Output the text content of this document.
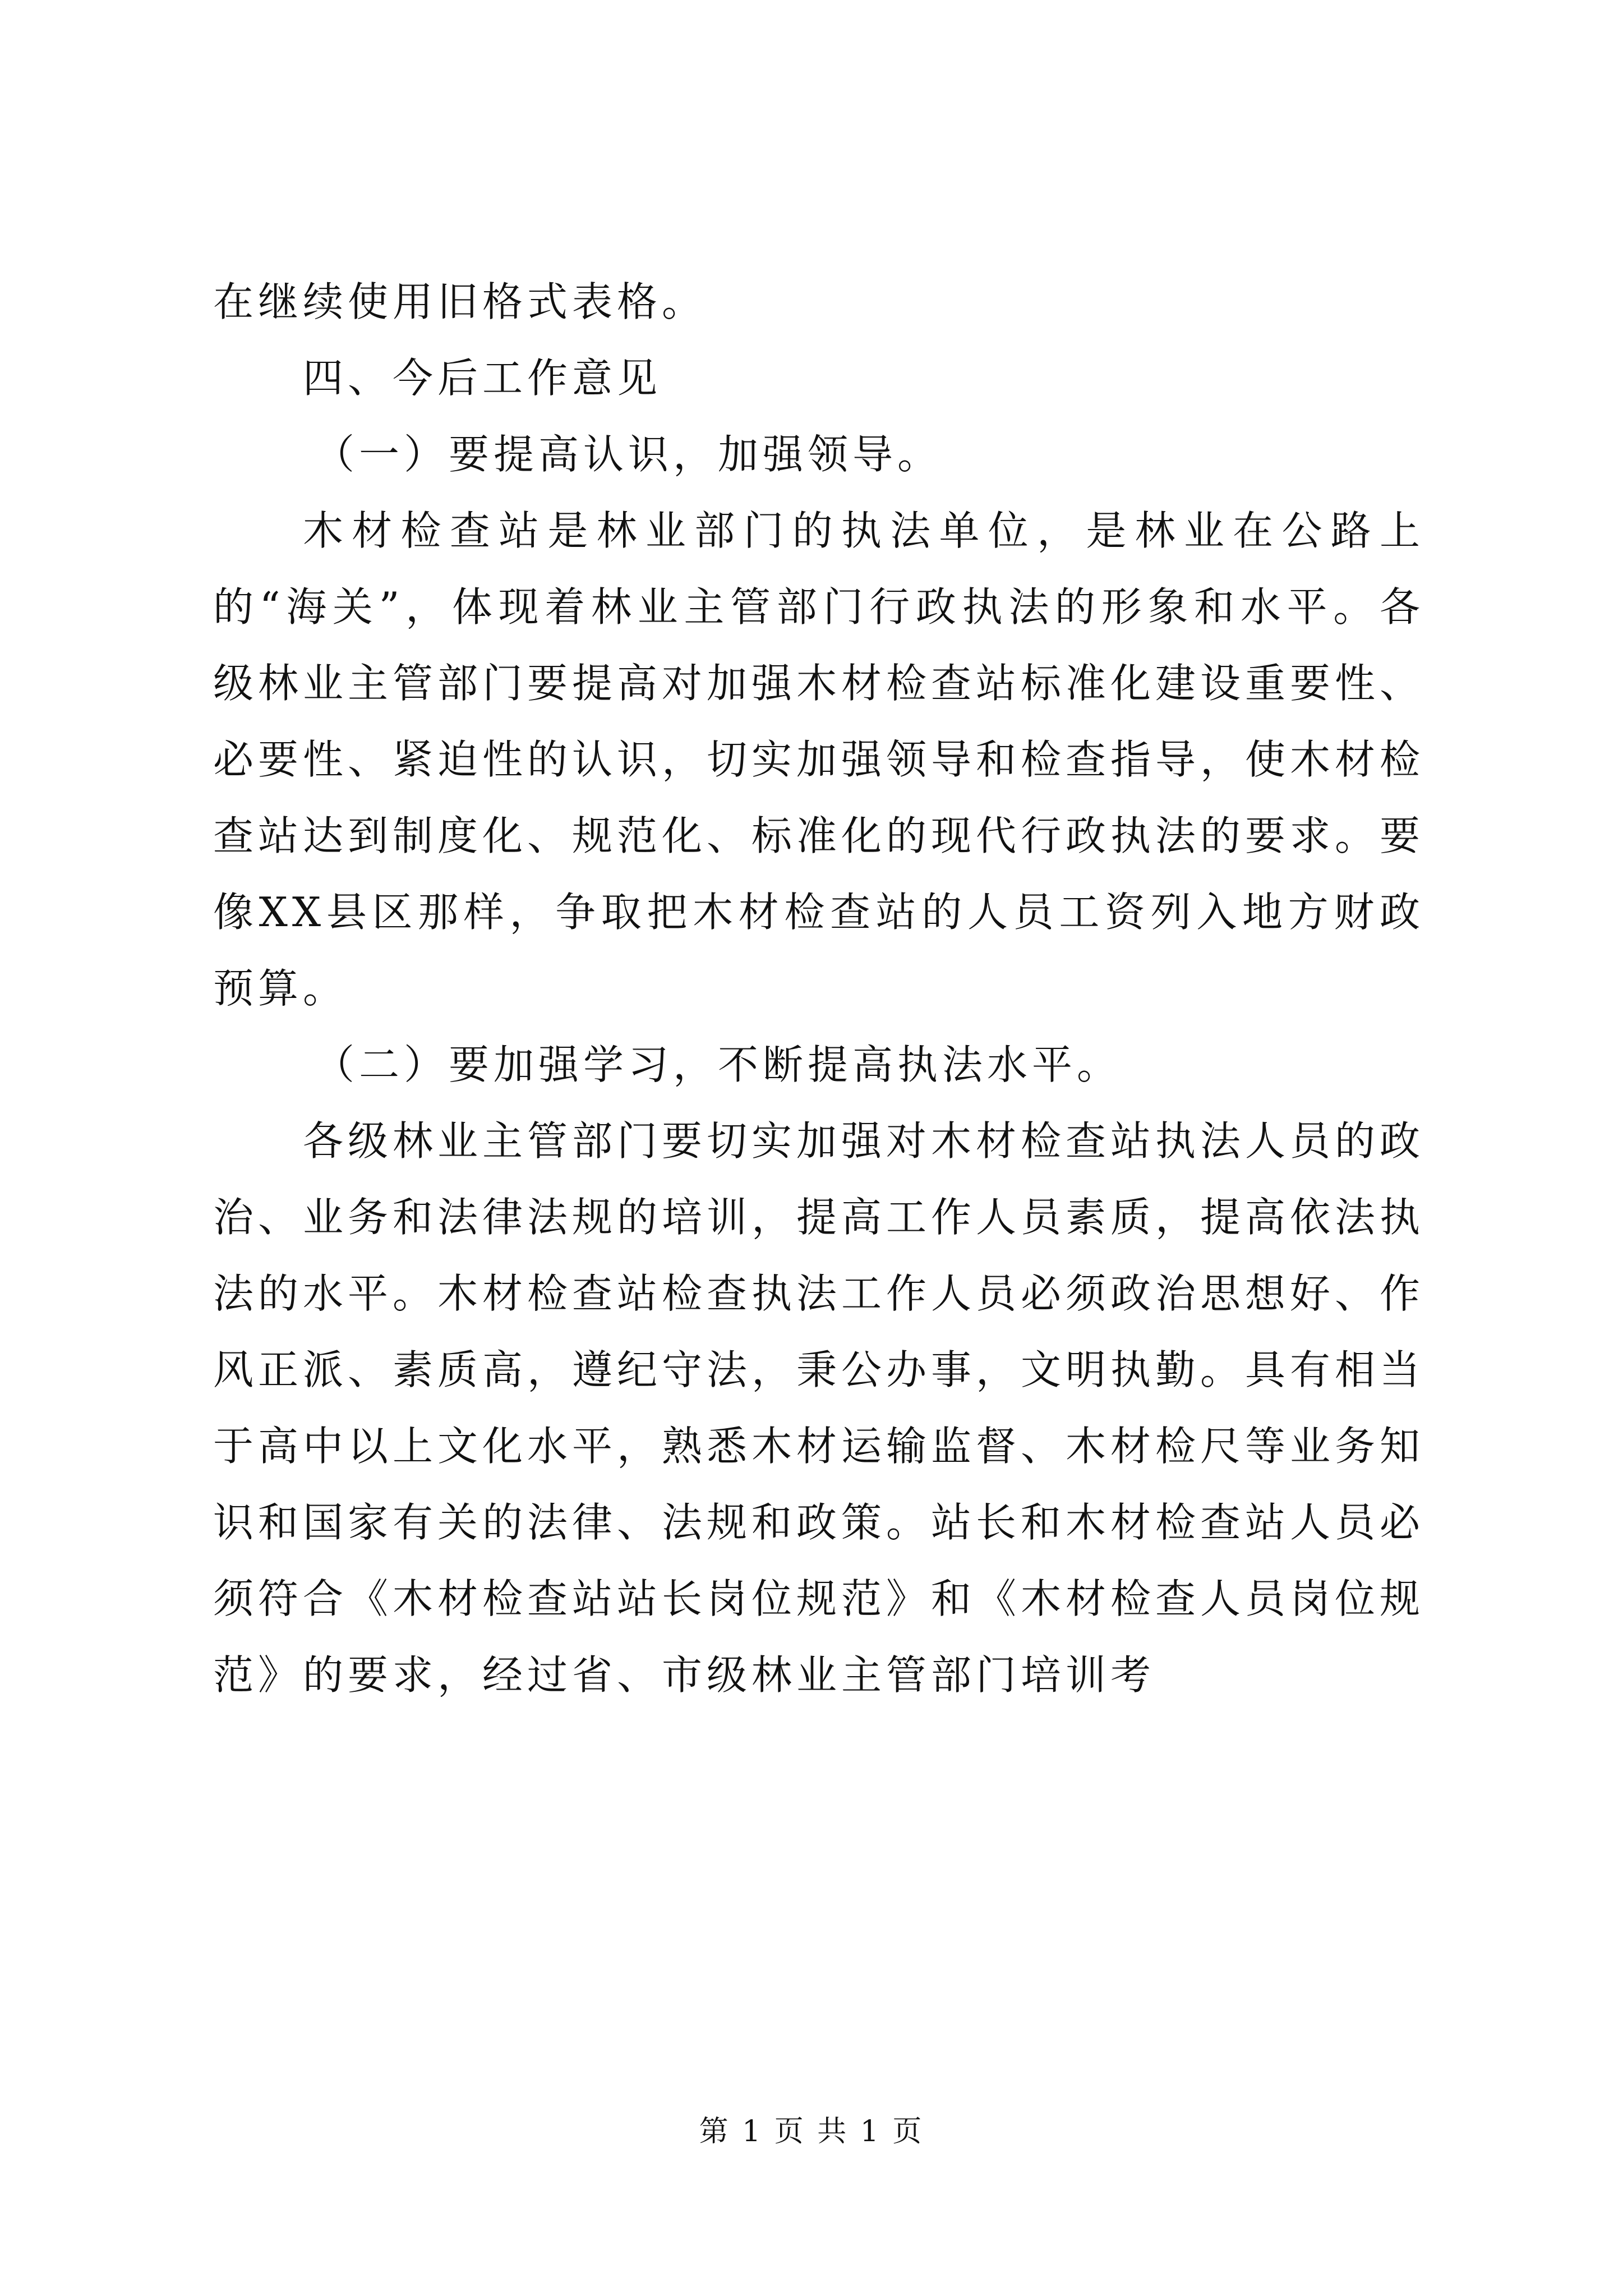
在继续使用旧格式表格。

四、今后工作意见

（一）要提高认识，加强领导。

木材检查站是林业部门的执法单位，是林业在公路上的“海关”，体现着林业主管部门行政执法的形象和水平。各级林业主管部门要提高对加强木材检查站标准化建设重要性、必要性、紧迫性的认识，切实加强领导和检查指导，使木材检查站达到制度化、规范化、标准化的现代行政执法的要求。要像XX县区那样，争取把木材检查站的人员工资列入地方财政预算。

（二）要加强学习，不断提高执法水平。

各级林业主管部门要切实加强对木材检查站执法人员的政治、业务和法律法规的培训，提高工作人员素质，提高依法执法的水平。木材检查站检查执法工作人员必须政治思想好、作风正派、素质高，遵纪守法，秉公办事，文明执勤。具有相当于高中以上文化水平，熟悉木材运输监督、木材检尺等业务知识和国家有关的法律、法规和政策。站长和木材检查站人员必须符合《木材检查站站长岗位规范》和《木材检查人员岗位规范》的要求，经过省、市级林业主管部门培训考

第 1 页 共 1 页
